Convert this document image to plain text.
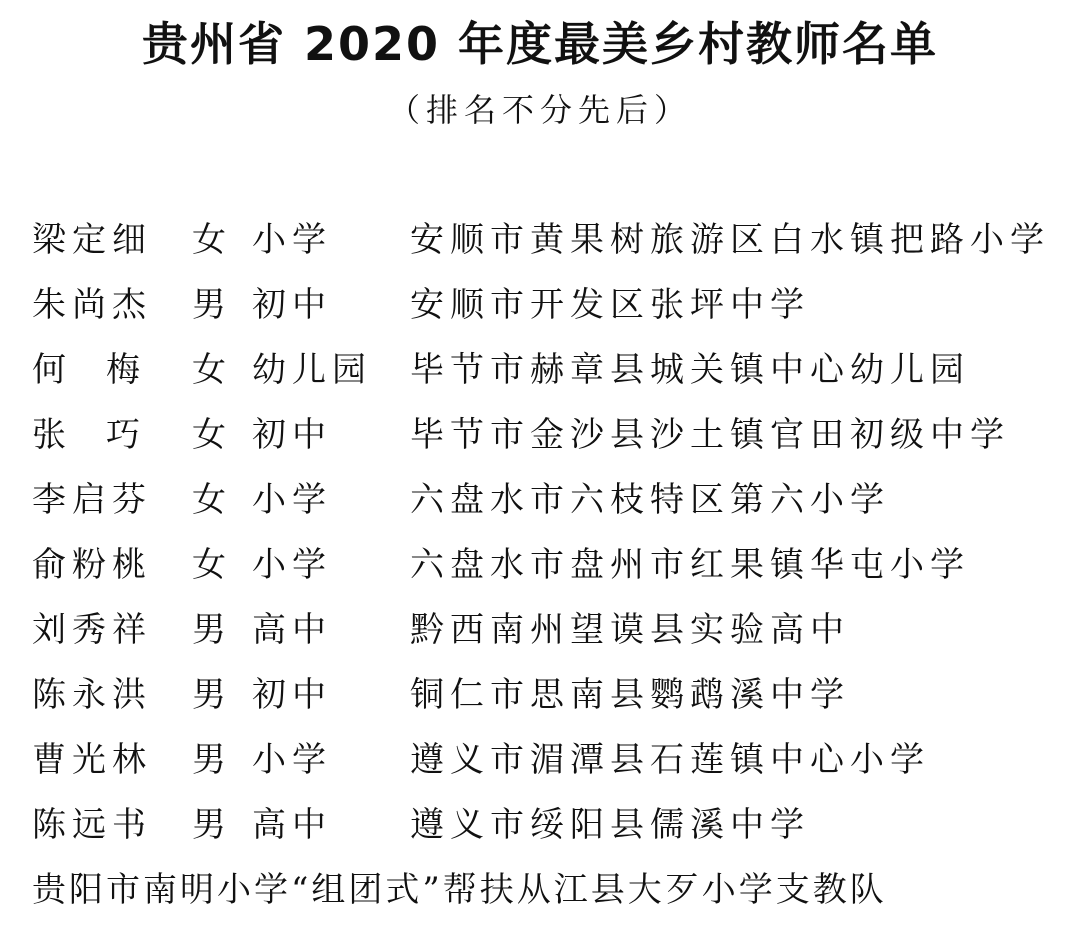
贵州省 2020 年度最美乡村教师名单
（排名不分先后）
梁定细	女 小学	安顺市黄果树旅游区白水镇把路小学
朱尚杰	男 初中	安顺市开发区张坪中学
何梅 女 幼儿园	毕节市赫章县城关镇中心幼儿园
张巧 女 初中	毕节市金沙县沙土镇官田初级中学
李启芬	女 小学	六盘水市六枝特区第六小学
俞粉桃	女 小学	六盘水市盘州市红果镇华屯小学
刘秀祥	男 高中	黔西南州望谟县实验高中
陈永洪	男 初中	铜仁市思南县鹦鹉溪中学
曹光林	男 小学	遵义市湄潭县石莲镇中心小学
陈远书	男 高中	遵义市绥阳县儒溪中学
贵阳市南明小学“组团式”帮扶从江县大歹小学支教队
